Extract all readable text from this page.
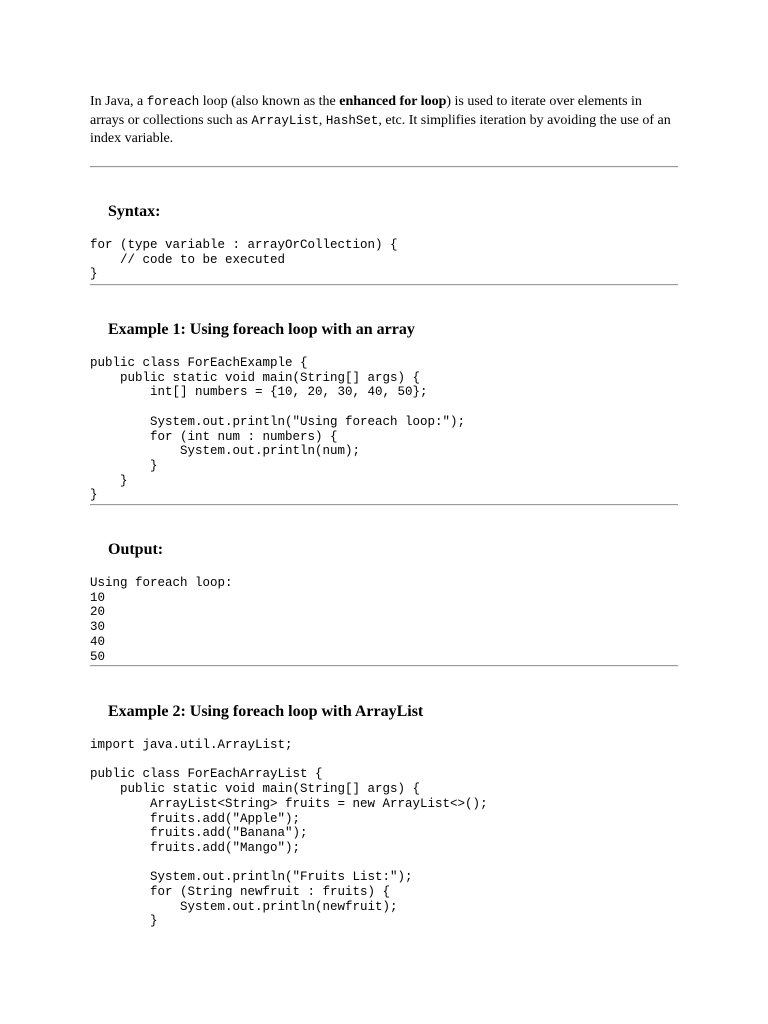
In Java, a foreach loop (also known as the enhanced for loop) is used to iterate over elements in arrays or collections such as ArrayList, HashSet, etc. It simplifies iteration by avoiding the use of an index variable.

Syntax:
for (type variable : arrayOrCollection) {
// code to be executed
}
Example 1: Using foreach loop with an array
public class ForEachExample {
public static void main(String[] args) {
int[] numbers = {10, 20, 30, 40, 50};

System.out.println("Using foreach loop:");
for (int num : numbers) {
System.out.println(num);
}
}
}
Output:
Using foreach loop:
10
20
30
40
50
Example 2: Using foreach loop with ArrayList
import java.util.ArrayList;

public class ForEachArrayList {
public static void main(String[] args) {
ArrayList<String> fruits = new ArrayList<>();
fruits.add("Apple");
fruits.add("Banana");
fruits.add("Mango");

System.out.println("Fruits List:");
for (String newfruit : fruits) {
System.out.println(newfruit);
}
